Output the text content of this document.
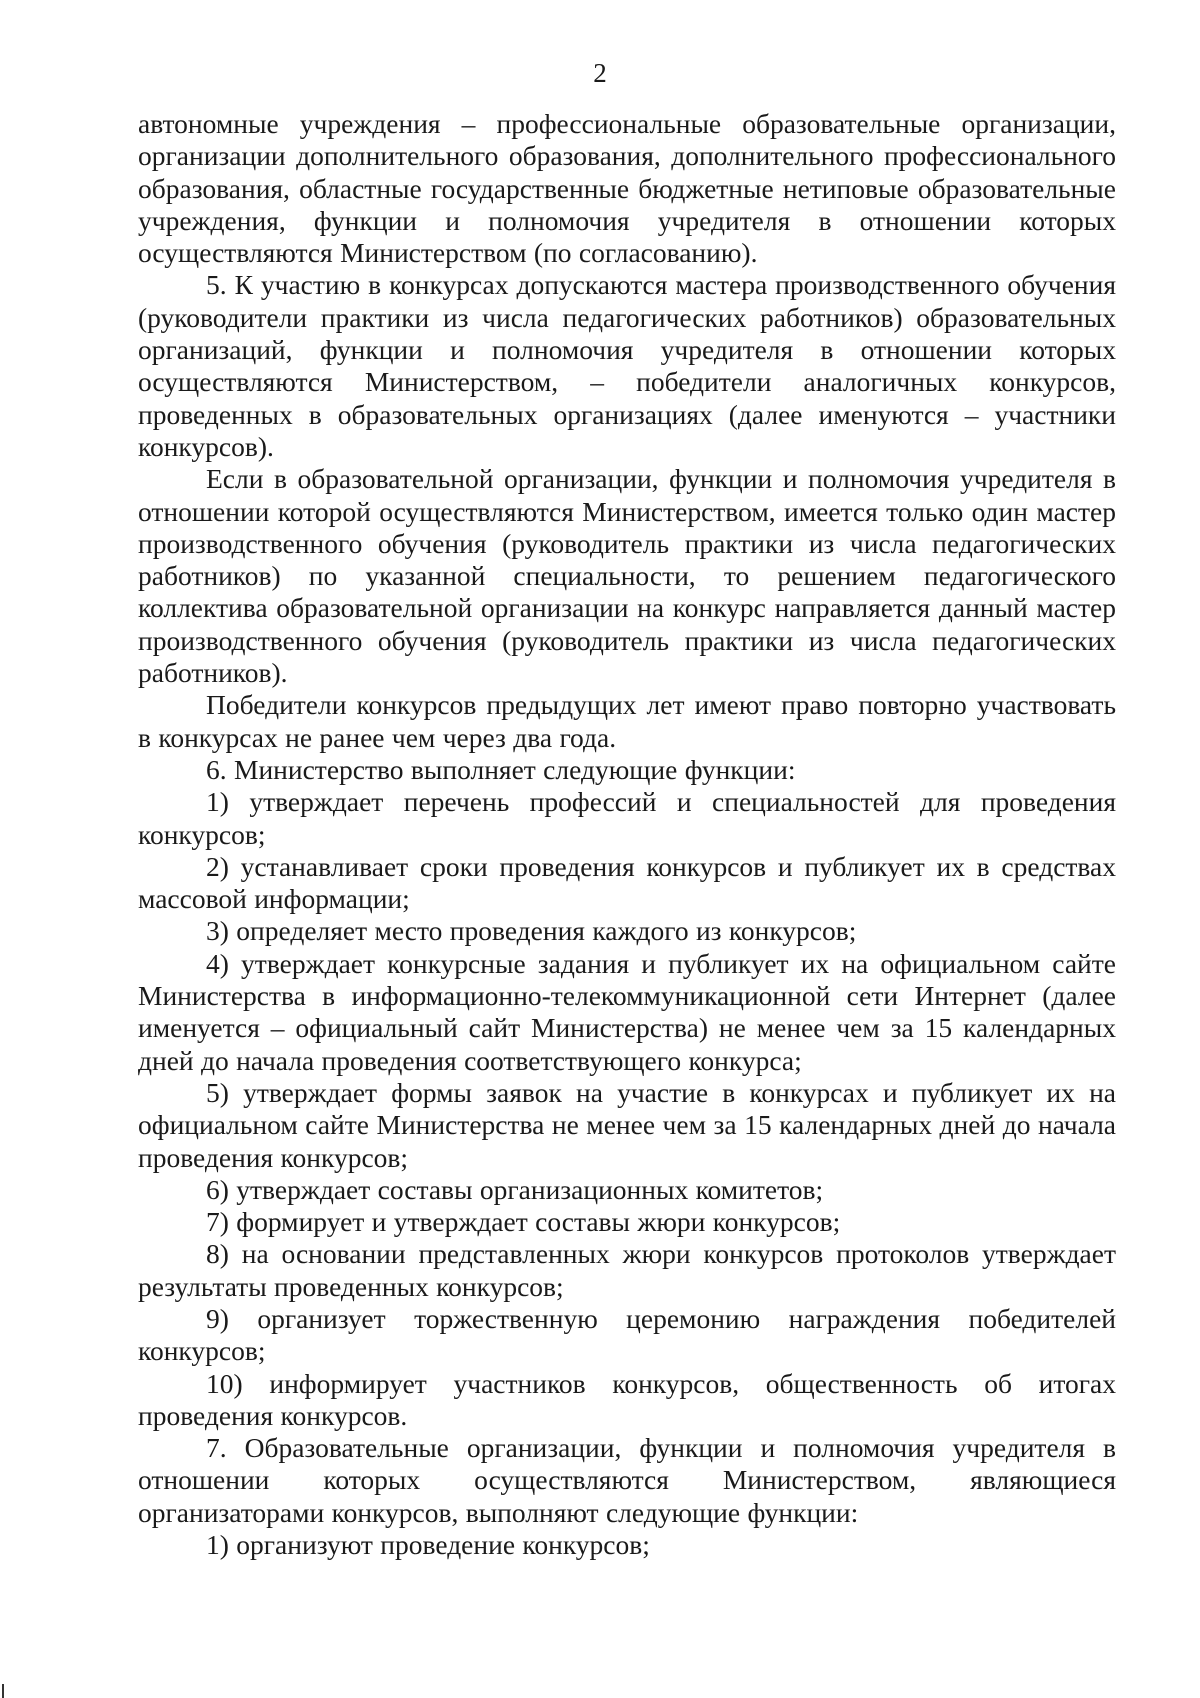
2

автономные учреждения – профессиональные образовательные организации, организации дополнительного образования, дополнительного профессионального образования, областные государственные бюджетные нетиповые образовательные учреждения, функции и полномочия учредителя в отношении которых осуществляются Министерством (по согласованию).

5. К участию в конкурсах допускаются мастера производственного обучения (руководители практики из числа педагогических работников) образовательных организаций, функции и полномочия учредителя в отношении которых осуществляются Министерством, – победители аналогичных конкурсов, проведенных в образовательных организациях (далее именуются – участники конкурсов).

Если в образовательной организации, функции и полномочия учредителя в отношении которой осуществляются Министерством, имеется только один мастер производственного обучения (руководитель практики из числа педагогических работников) по указанной специальности, то решением педагогического коллектива образовательной организации на конкурс направляется данный мастер производственного обучения (руководитель практики из числа педагогических работников).

Победители конкурсов предыдущих лет имеют право повторно участвовать в конкурсах не ранее чем через два года.

6. Министерство выполняет следующие функции:

1) утверждает перечень профессий и специальностей для проведения конкурсов;

2) устанавливает сроки проведения конкурсов и публикует их в средствах массовой информации;

3) определяет место проведения каждого из конкурсов;

4) утверждает конкурсные задания и публикует их на официальном сайте Министерства в информационно-телекоммуникационной сети Интернет (далее именуется – официальный сайт Министерства) не менее чем за 15 календарных дней до начала проведения соответствующего конкурса;

5) утверждает формы заявок на участие в конкурсах и публикует их на официальном сайте Министерства не менее чем за 15 календарных дней до начала проведения конкурсов;

6) утверждает составы организационных комитетов;

7) формирует и утверждает составы жюри конкурсов;

8) на основании представленных жюри конкурсов протоколов утверждает результаты проведенных конкурсов;

9) организует торжественную церемонию награждения победителей конкурсов;

10) информирует участников конкурсов, общественность об итогах проведения конкурсов.

7. Образовательные организации, функции и полномочия учредителя в отношении которых осуществляются Министерством, являющиеся организаторами конкурсов, выполняют следующие функции:

1) организуют проведение конкурсов;
